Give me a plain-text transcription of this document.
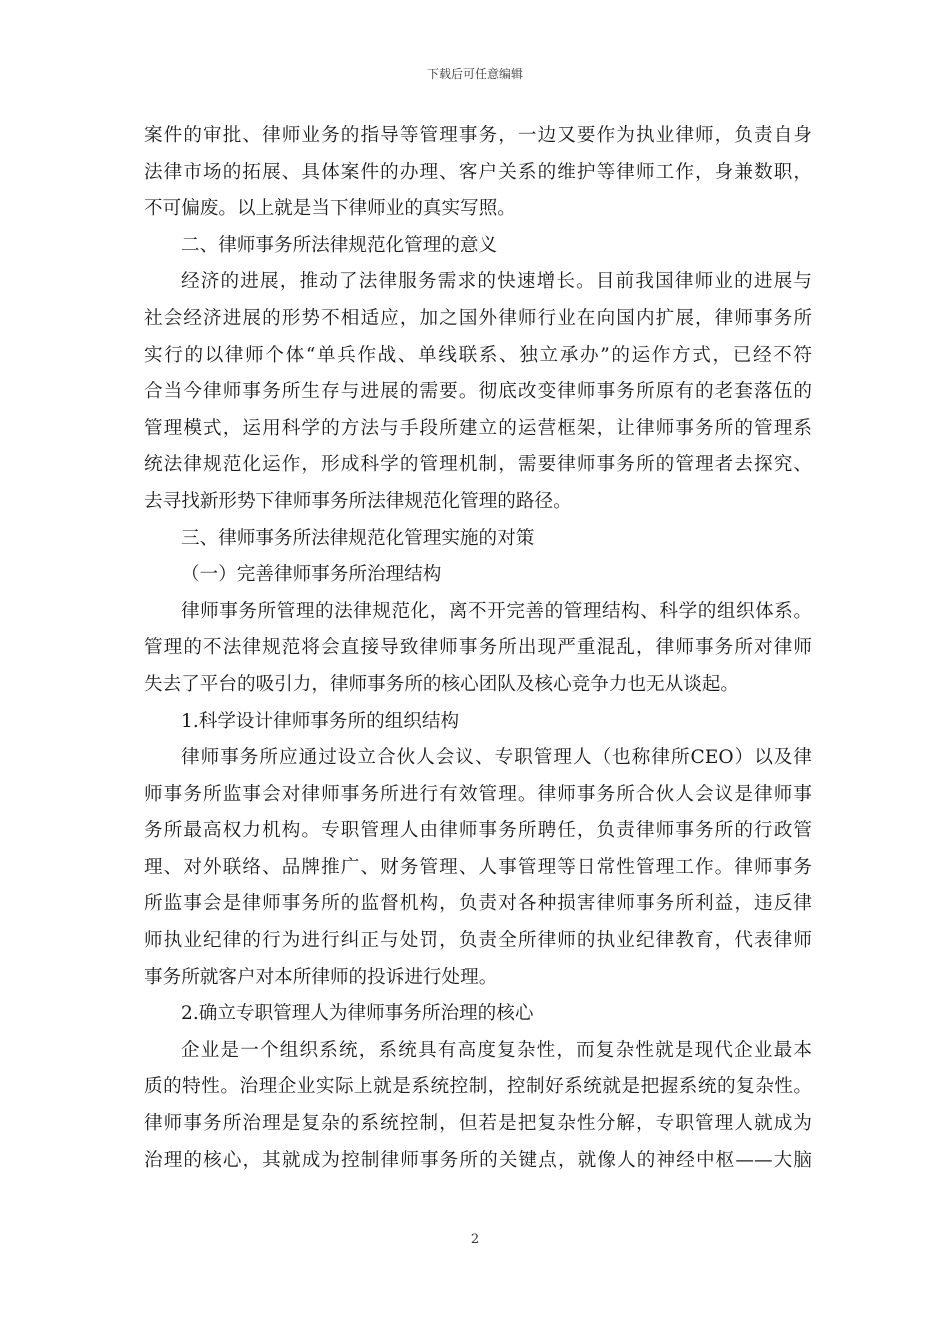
下载后可任意编辑
案件的审批、律师业务的指导等管理事务，一边又要作为执业律师，负责自身
法律市场的拓展、具体案件的办理、客户关系的维护等律师工作，身兼数职，
不可偏废。以上就是当下律师业的真实写照。
二、律师事务所法律规范化管理的意义
经济的进展，推动了法律服务需求的快速增长。目前我国律师业的进展与
社会经济进展的形势不相适应，加之国外律师行业在向国内扩展，律师事务所
实行的以律师个体“单兵作战、单线联系、独立承办”的运作方式，已经不符
合当今律师事务所生存与进展的需要。彻底改变律师事务所原有的老套落伍的
管理模式，运用科学的方法与手段所建立的运营框架，让律师事务所的管理系
统法律规范化运作，形成科学的管理机制，需要律师事务所的管理者去探究、
去寻找新形势下律师事务所法律规范化管理的路径。
三、律师事务所法律规范化管理实施的对策
（一）完善律师事务所治理结构
律师事务所管理的法律规范化，离不开完善的管理结构、科学的组织体系。
管理的不法律规范将会直接导致律师事务所出现严重混乱，律师事务所对律师
失去了平台的吸引力，律师事务所的核心团队及核心竞争力也无从谈起。
1.科学设计律师事务所的组织结构
律师事务所应通过设立合伙人会议、专职管理人（也称律所CEO）以及律
师事务所监事会对律师事务所进行有效管理。律师事务所合伙人会议是律师事
务所最高权力机构。专职管理人由律师事务所聘任，负责律师事务所的行政管
理、对外联络、品牌推广、财务管理、人事管理等日常性管理工作。律师事务
所监事会是律师事务所的监督机构，负责对各种损害律师事务所利益，违反律
师执业纪律的行为进行纠正与处罚，负责全所律师的执业纪律教育，代表律师
事务所就客户对本所律师的投诉进行处理。
2.确立专职管理人为律师事务所治理的核心
企业是一个组织系统，系统具有高度复杂性，而复杂性就是现代企业最本
质的特性。治理企业实际上就是系统控制，控制好系统就是把握系统的复杂性。
律师事务所治理是复杂的系统控制，但若是把复杂性分解，专职管理人就成为
治理的核心，其就成为控制律师事务所的关键点，就像人的神经中枢——大脑
2
